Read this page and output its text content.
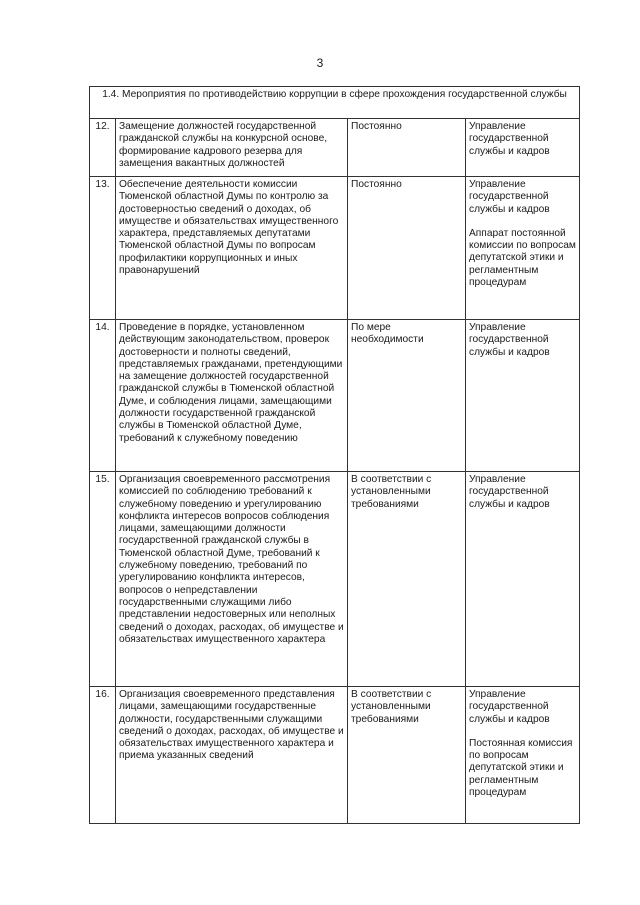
3
1.4. Мероприятия по противодействию коррупции в сфере прохождения государственной службы			
12.	Замещение должностей государственной гражданской службы на конкурсной основе, формирование кадрового резерва для замещения вакантных должностей	Постоянно	Управление государственной службы и кадров

13.	Обеспечение деятельности комиссии Тюменской областной Думы по контролю за достоверностью сведений о доходах, об имуществе и обязательствах имущественного характера, представляемых депутатами Тюменской областной Думы по вопросам профилактики коррупционных и иных правонарушений	Постоянно	Управление государственной службы и кадров
Аппарат постоянной комиссии по вопросам депутатской этики и регламентным процедурам

14.	Проведение в порядке, установленном действующим законодательством, проверок достоверности и полноты сведений, представляемых гражданами, претендующими на замещение должностей государственной гражданской службы в Тюменской областной Думе, и соблюдения лицами, замещающими должности государственной гражданской службы в Тюменской областной Думе, требований к служебному поведению	По мере необходимости	Управление государственной службы и кадров

15.	Организация своевременного рассмотрения комиссией по соблюдению требований к служебному поведению и урегулированию конфликта интересов вопросов соблюдения лицами, замещающими должности государственной гражданской службы в Тюменской областной Думе, требований к служебному поведению, требований по урегулированию конфликта интересов, вопросов о непредставлении государственными служащими либо представлении недостоверных или неполных сведений о доходах, расходах, об имуществе и обязательствах имущественного характера	В соответствии с установленными требованиями	Управление государственной службы и кадров

16.	Организация своевременного представления лицами, замещающими государственные должности, государственными служащими сведений о доходах, расходах, об имуществе и обязательствах имущественного характера и приема указанных сведений	В соответствии с установленными требованиями	Управление государственной службы и кадров
Постоянная комиссия по вопросам депутатской этики и регламентным процедурам
